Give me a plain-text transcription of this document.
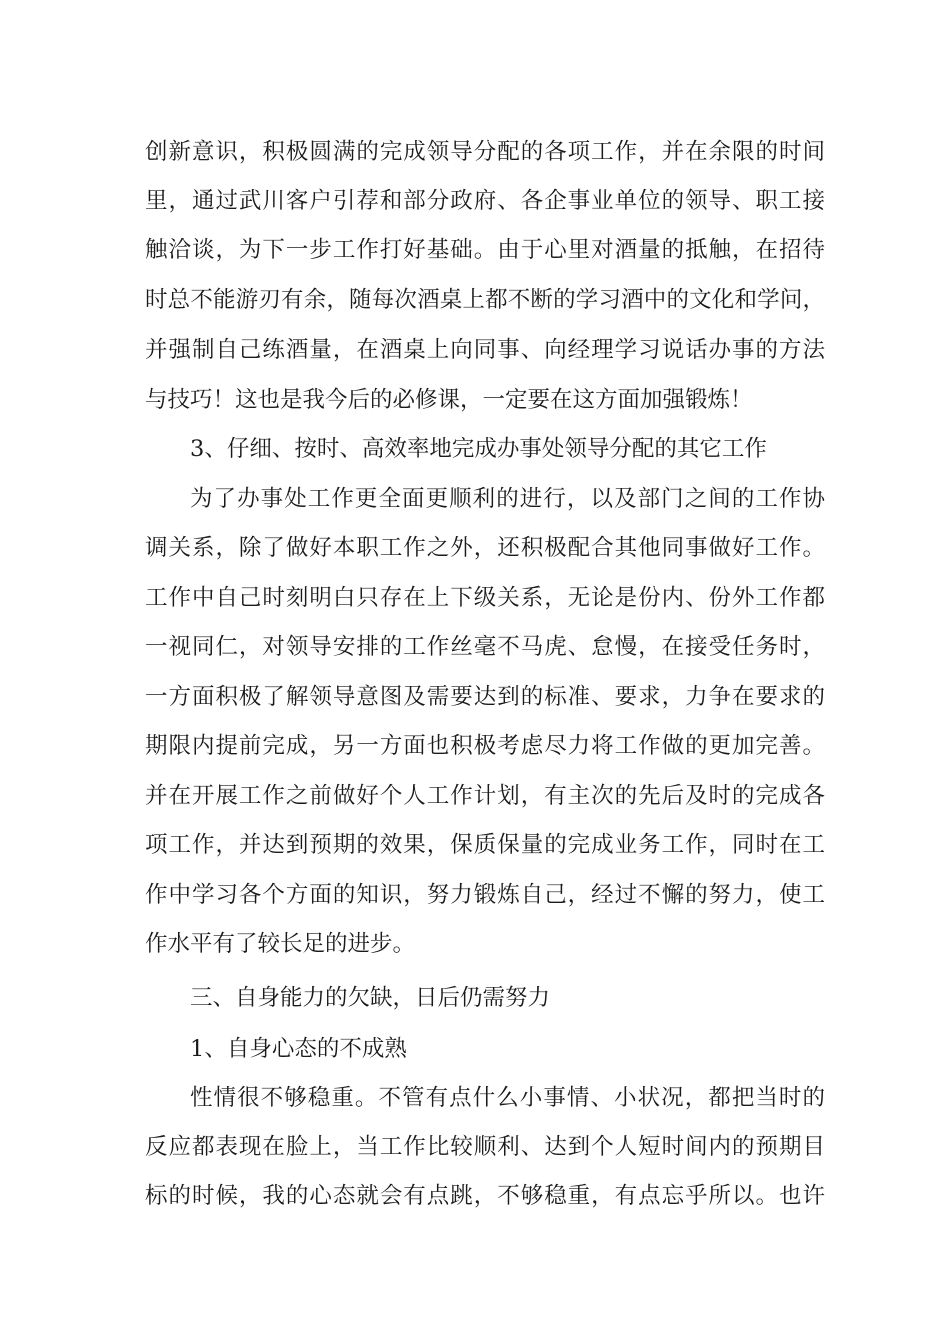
创新意识，积极圆满的完成领导分配的各项工作，并在余限的时间
里，通过武川客户引荐和部分政府、各企事业单位的领导、职工接
触洽谈，为下一步工作打好基础。由于心里对酒量的抵触，在招待
时总不能游刃有余，随每次酒桌上都不断的学习酒中的文化和学问，
并强制自己练酒量，在酒桌上向同事、向经理学习说话办事的方法
与技巧！这也是我今后的必修课，一定要在这方面加强锻炼！
3、仔细、按时、高效率地完成办事处领导分配的其它工作
为了办事处工作更全面更顺利的进行，以及部门之间的工作协
调关系，除了做好本职工作之外，还积极配合其他同事做好工作。
工作中自己时刻明白只存在上下级关系，无论是份内、份外工作都
一视同仁，对领导安排的工作丝毫不马虎、怠慢，在接受任务时，
一方面积极了解领导意图及需要达到的标准、要求，力争在要求的
期限内提前完成，另一方面也积极考虑尽力将工作做的更加完善。
并在开展工作之前做好个人工作计划，有主次的先后及时的完成各
项工作，并达到预期的效果，保质保量的完成业务工作，同时在工
作中学习各个方面的知识，努力锻炼自己，经过不懈的努力，使工
作水平有了较长足的进步。
三、自身能力的欠缺，日后仍需努力
1、自身心态的不成熟
性情很不够稳重。不管有点什么小事情、小状况，都把当时的
反应都表现在脸上，当工作比较顺利、达到个人短时间内的预期目
标的时候，我的心态就会有点跳，不够稳重，有点忘乎所以。也许
